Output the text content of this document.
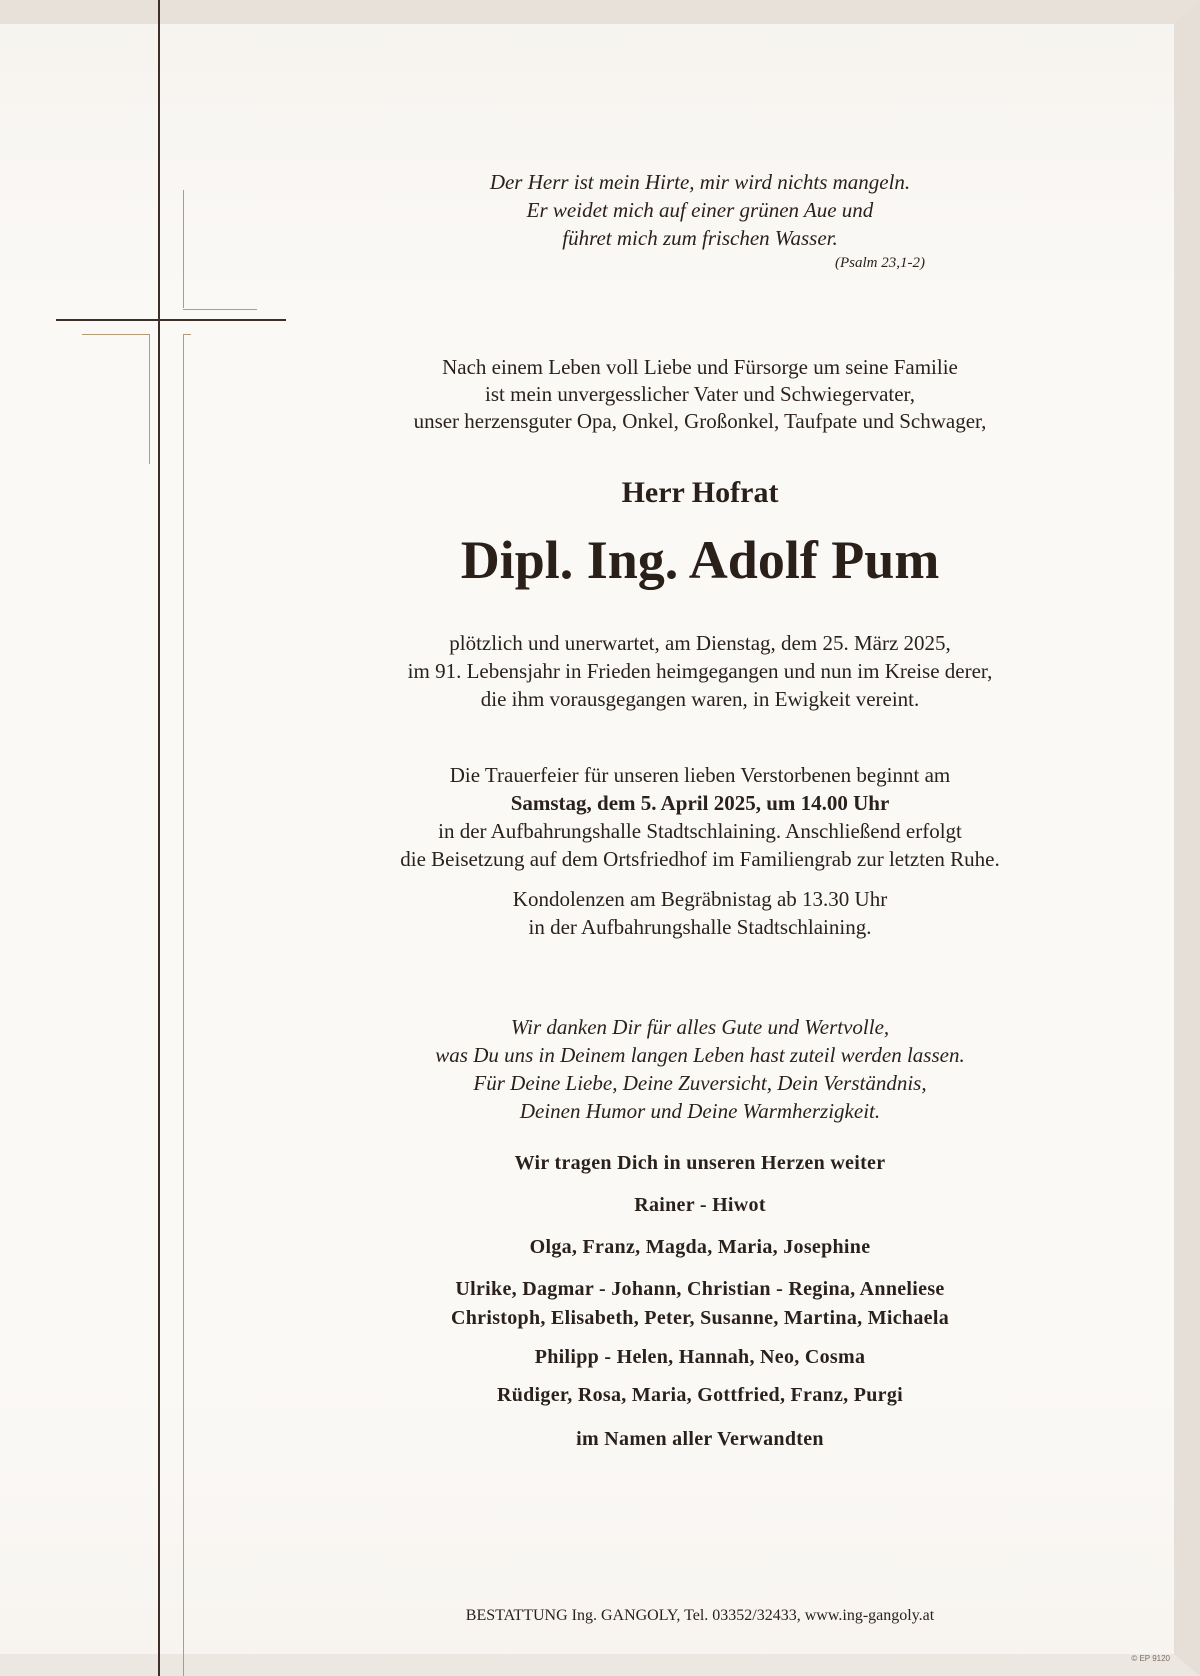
Der Herr ist mein Hirte, mir wird nichts mangeln.
Er weidet mich auf einer grünen Aue und
führet mich zum frischen Wasser.

(Psalm 23,1-2)

Nach einem Leben voll Liebe und Fürsorge um seine Familie
ist mein unvergesslicher Vater und Schwiegervater,
unser herzensguter Opa, Onkel, Großonkel, Taufpate und Schwager,

Herr Hofrat

Dipl. Ing. Adolf Pum

plötzlich und unerwartet, am Dienstag, dem 25. März 2025,
im 91. Lebensjahr in Frieden heimgegangen und nun im Kreise derer,
die ihm vorausgegangen waren, in Ewigkeit vereint.
Die Trauerfeier für unseren lieben Verstorbenen beginnt am
Samstag, dem 5. April 2025, um 14.00 Uhr
in der Aufbahrungshalle Stadtschlaining. Anschließend erfolgt
die Beisetzung auf dem Ortsfriedhof im Familiengrab zur letzten Ruhe.
Kondolenzen am Begräbnistag ab 13.30 Uhr
in der Aufbahrungshalle Stadtschlaining.
Wir danken Dir für alles Gute und Wertvolle,
was Du uns in Deinem langen Leben hast zuteil werden lassen.
Für Deine Liebe, Deine Zuversicht, Dein Verständnis,
Deinen Humor und Deine Warmherzigkeit.

Wir tragen Dich in unseren Herzen weiter

Rainer - Hiwot

Olga, Franz, Magda, Maria, Josephine

Ulrike, Dagmar - Johann, Christian - Regina, Anneliese
Christoph, Elisabeth, Peter, Susanne, Martina, Michaela

Philipp - Helen, Hannah, Neo, Cosma

Rüdiger, Rosa, Maria, Gottfried, Franz, Purgi

im Namen aller Verwandten

BESTATTUNG Ing. GANGOLY, Tel. 03352/32433, www.ing-gangoly.at
© EP 9120
